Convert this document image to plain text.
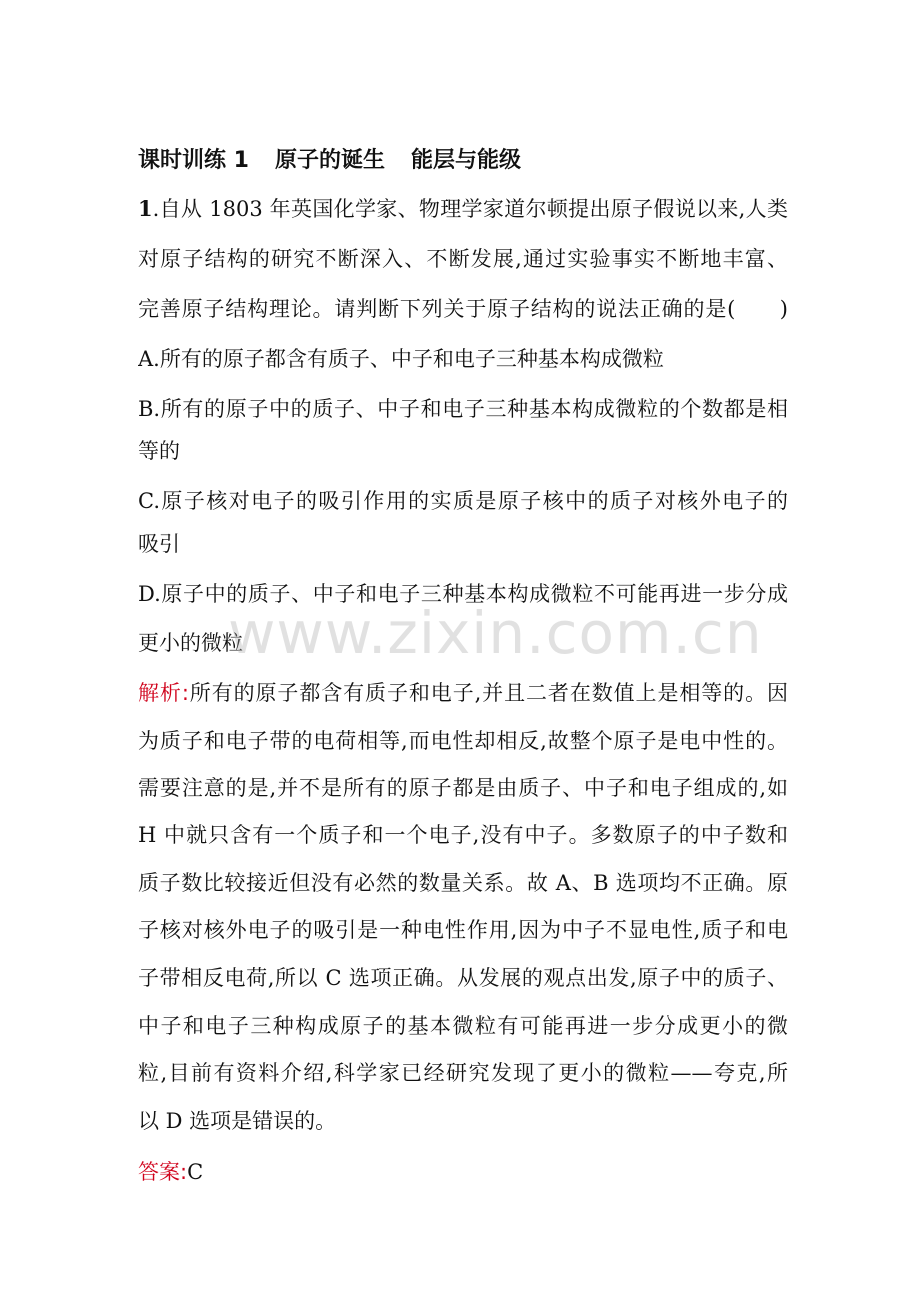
课时训练 1 原子的诞生 能层与能级
1.自从 1803 年英国化学家、物理学家道尔顿提出原子假说以来,人类
对原子结构的研究不断深入、不断发展,通过实验事实不断地丰富、
完善原子结构理论。请判断下列关于原子结构的说法正确的是(　　)
A.所有的原子都含有质子、中子和电子三种基本构成微粒
B.所有的原子中的质子、中子和电子三种基本构成微粒的个数都是相
等的
C.原子核对电子的吸引作用的实质是原子核中的质子对核外电子的
吸引
D.原子中的质子、中子和电子三种基本构成微粒不可能再进一步分成
更小的微粒
解析:所有的原子都含有质子和电子,并且二者在数值上是相等的。因
为质子和电子带的电荷相等,而电性却相反,故整个原子是电中性的。
需要注意的是,并不是所有的原子都是由质子、中子和电子组成的,如
H 中就只含有一个质子和一个电子,没有中子。多数原子的中子数和
质子数比较接近但没有必然的数量关系。故 A、B 选项均不正确。原
子核对核外电子的吸引是一种电性作用,因为中子不显电性,质子和电
子带相反电荷,所以 C 选项正确。从发展的观点出发,原子中的质子、
中子和电子三种构成原子的基本微粒有可能再进一步分成更小的微
粒,目前有资料介绍,科学家已经研究发现了更小的微粒——夸克,所
以 D 选项是错误的。
答案:C
www.zixin.com.cn
